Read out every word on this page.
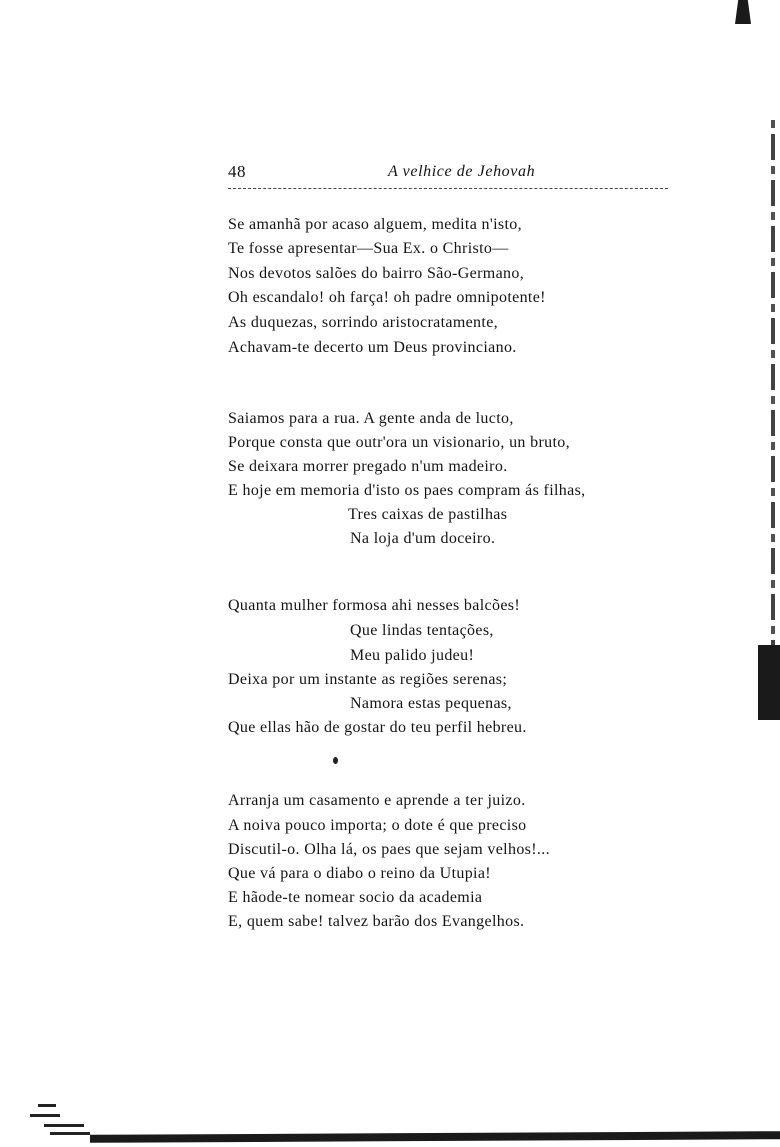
48	A velhice de Jehovah
Se amanhã por acaso alguem, medita n'isto,
Te fosse apresentar—Sua Ex. o Christo—
Nos devotos salões do bairro São-Germano,
Oh escandalo! oh farça! oh padre omnipotente!
As duquezas, sorrindo aristocratamente,
Achavam-te decerto um Deus provinciano.
Saiamos para a rua. A gente anda de lucto,
Porque consta que outr'ora un visionario, un bruto,
Se deixara morrer pregado n'um madeiro.
E hoje em memoria d'isto os paes compram ás filhas,
Tres caixas de pastilhas
Na loja d'um doceiro.
Quanta mulher formosa ahi nesses balcões!
Que lindas tentações,
Meu palido judeu!
Deixa por um instante as regiões serenas;
Namora estas pequenas,
Que ellas hão de gostar do teu perfil hebreu.
Arranja um casamento e aprende a ter juizo.
A noiva pouco importa; o dote é que preciso
Discutil-o. Olha lá, os paes que sejam velhos!...
Que vá para o diabo o reino da Utupia!
E hãode-te nomear socio da academia
E, quem sabe! talvez barão dos Evangelhos.
